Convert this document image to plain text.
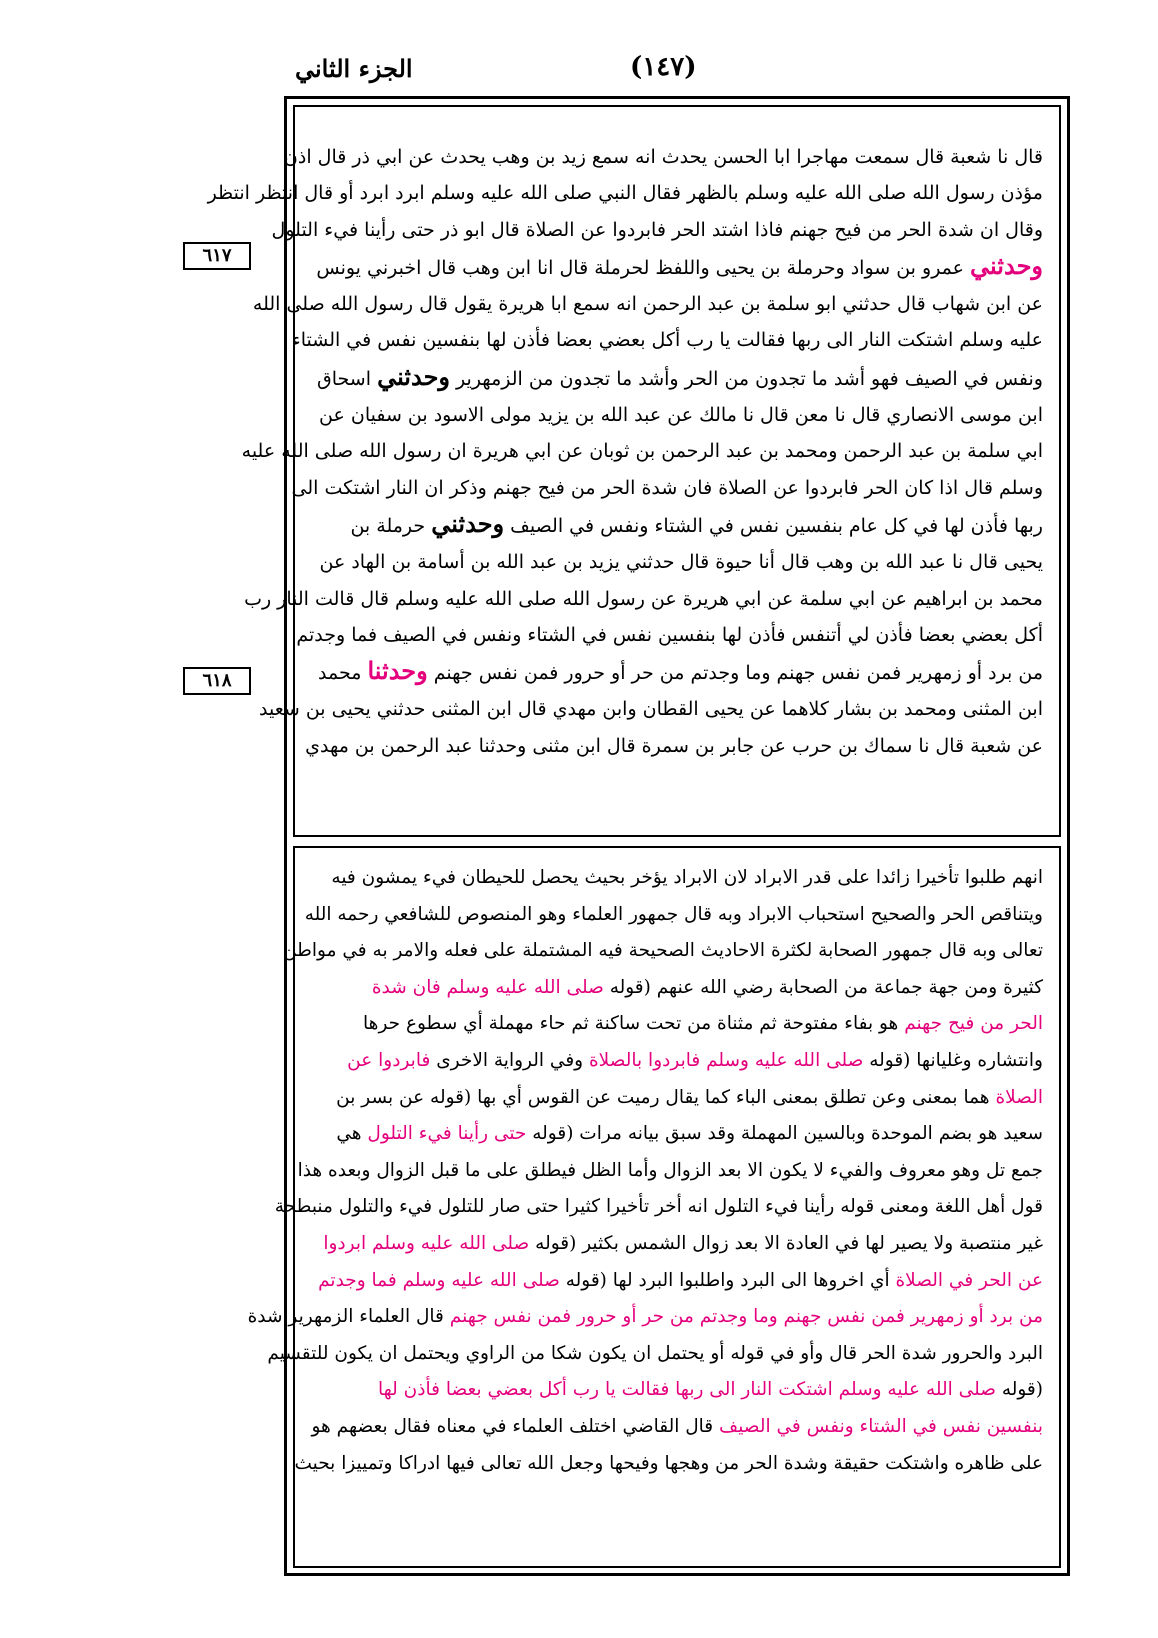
الجزء الثاني	(١٤٧)
٦١٧
٦١٨
قال نا شعبة قال سمعت مهاجرا ابا الحسن يحدث انه سمع زيد بن وهب يحدث عن ابي ذر قال اذن
مؤذن رسول الله صلى الله عليه وسلم بالظهر فقال النبي صلى الله عليه وسلم ابرد ابرد أو قال انتظر انتظر
وقال ان شدة الحر من فيح جهنم فاذا اشتد الحر فابردوا عن الصلاة قال ابو ذر حتى رأينا فيء التلول
وحدثني عمرو بن سواد وحرملة بن يحيى واللفظ لحرملة قال انا ابن وهب قال اخبرني يونس
عن ابن شهاب قال حدثني ابو سلمة بن عبد الرحمن انه سمع ابا هريرة يقول قال رسول الله صلى الله
عليه وسلم اشتكت النار الى ربها فقالت يا رب أكل بعضي بعضا فأذن لها بنفسين نفس في الشتاء
ونفس في الصيف فهو أشد ما تجدون من الحر وأشد ما تجدون من الزمهرير وحدثني اسحاق
ابن موسى الانصاري قال نا معن قال نا مالك عن عبد الله بن يزيد مولى الاسود بن سفيان عن
ابي سلمة بن عبد الرحمن ومحمد بن عبد الرحمن بن ثوبان عن ابي هريرة ان رسول الله صلى الله عليه
وسلم قال اذا كان الحر فابردوا عن الصلاة فان شدة الحر من فيح جهنم وذكر ان النار اشتكت الى
ربها فأذن لها في كل عام بنفسين نفس في الشتاء ونفس في الصيف وحدثني حرملة بن
يحيى قال نا عبد الله بن وهب قال أنا حيوة قال حدثني يزيد بن عبد الله بن أسامة بن الهاد عن
محمد بن ابراهيم عن ابي سلمة عن ابي هريرة عن رسول الله صلى الله عليه وسلم قال قالت النار رب
أكل بعضي بعضا فأذن لي أتنفس فأذن لها بنفسين نفس في الشتاء ونفس في الصيف فما وجدتم
من برد أو زمهرير فمن نفس جهنم وما وجدتم من حر أو حرور فمن نفس جهنم وحدثنا محمد
ابن المثنى ومحمد بن بشار كلاهما عن يحيى القطان وابن مهدي قال ابن المثنى حدثني يحيى بن سعيد
عن شعبة قال نا سماك بن حرب عن جابر بن سمرة قال ابن مثنى وحدثنا عبد الرحمن بن مهدي
انهم طلبوا تأخيرا زائدا على قدر الابراد لان الابراد يؤخر بحيث يحصل للحيطان فيء يمشون فيه
ويتناقص الحر والصحيح استحباب الابراد وبه قال جمهور العلماء وهو المنصوص للشافعي رحمه الله
تعالى وبه قال جمهور الصحابة لكثرة الاحاديث الصحيحة فيه المشتملة على فعله والامر به في مواطن
كثيرة ومن جهة جماعة من الصحابة رضي الله عنهم (قوله صلى الله عليه وسلم فان شدة
الحر من فيح جهنم هو بفاء مفتوحة ثم مثناة من تحت ساكنة ثم حاء مهملة أي سطوع حرها
وانتشاره وغليانها (قوله صلى الله عليه وسلم فابردوا بالصلاة وفي الرواية الاخرى فابردوا عن
الصلاة هما بمعنى وعن تطلق بمعنى الباء كما يقال رميت عن القوس أي بها (قوله عن بسر بن
سعيد هو بضم الموحدة وبالسين المهملة وقد سبق بيانه مرات (قوله حتى رأينا فيء التلول هي
جمع تل وهو معروف والفيء لا يكون الا بعد الزوال وأما الظل فيطلق على ما قبل الزوال وبعده هذا
قول أهل اللغة ومعنى قوله رأينا فيء التلول انه أخر تأخيرا كثيرا حتى صار للتلول فيء والتلول منبطحة
غير منتصبة ولا يصير لها في العادة الا بعد زوال الشمس بكثير (قوله صلى الله عليه وسلم ابردوا
عن الحر في الصلاة أي اخروها الى البرد واطلبوا البرد لها (قوله صلى الله عليه وسلم فما وجدتم
من برد أو زمهرير فمن نفس جهنم وما وجدتم من حر أو حرور فمن نفس جهنم قال العلماء الزمهرير شدة
البرد والحرور شدة الحر قال وأو في قوله أو يحتمل ان يكون شكا من الراوي ويحتمل ان يكون للتقسيم
(قوله صلى الله عليه وسلم اشتكت النار الى ربها فقالت يا رب أكل بعضي بعضا فأذن لها
بنفسين نفس في الشتاء ونفس في الصيف قال القاضي اختلف العلماء في معناه فقال بعضهم هو
على ظاهره واشتكت حقيقة وشدة الحر من وهجها وفيحها وجعل الله تعالى فيها ادراكا وتمييزا بحيث
